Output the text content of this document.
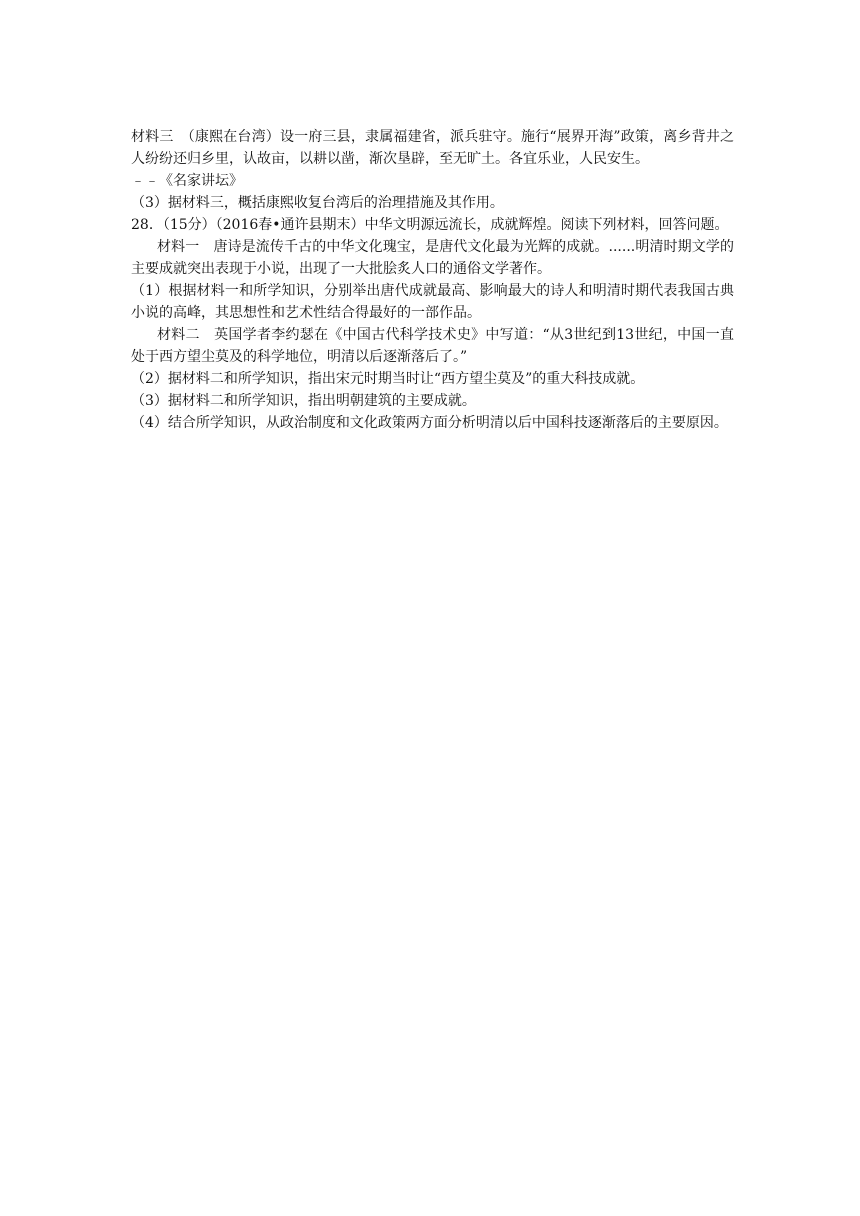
材料三　（康熙在台湾）设一府三县，隶属福建省，派兵驻守。施行“展界开海”政策，离乡背井之人纷纷还归乡里，认故亩，以耕以凿，渐次垦辟，至无旷土。各宜乐业，人民安生。

﹣﹣《名家讲坛》

（3）据材料三，概括康熙收复台湾后的治理措施及其作用。

28．（15分）（2016春•通许县期末）中华文明源远流长，成就辉煌。阅读下列材料，回答问题。

材料一　唐诗是流传千古的中华文化瑰宝，是唐代文化最为光辉的成就。......明清时期文学的主要成就突出表现于小说，出现了一大批脍炙人口的通俗文学著作。

（1）根据材料一和所学知识，分别举出唐代成就最高、影响最大的诗人和明清时期代表我国古典小说的高峰，其思想性和艺术性结合得最好的一部作品。

材料二　英国学者李约瑟在《中国古代科学技术史》中写道：“从3世纪到13世纪，中国一直处于西方望尘莫及的科学地位，明清以后逐渐落后了。”

（2）据材料二和所学知识，指出宋元时期当时让“西方望尘莫及”的重大科技成就。

（3）据材料二和所学知识，指出明朝建筑的主要成就。

（4）结合所学知识，从政治制度和文化政策两方面分析明清以后中国科技逐渐落后的主要原因。
